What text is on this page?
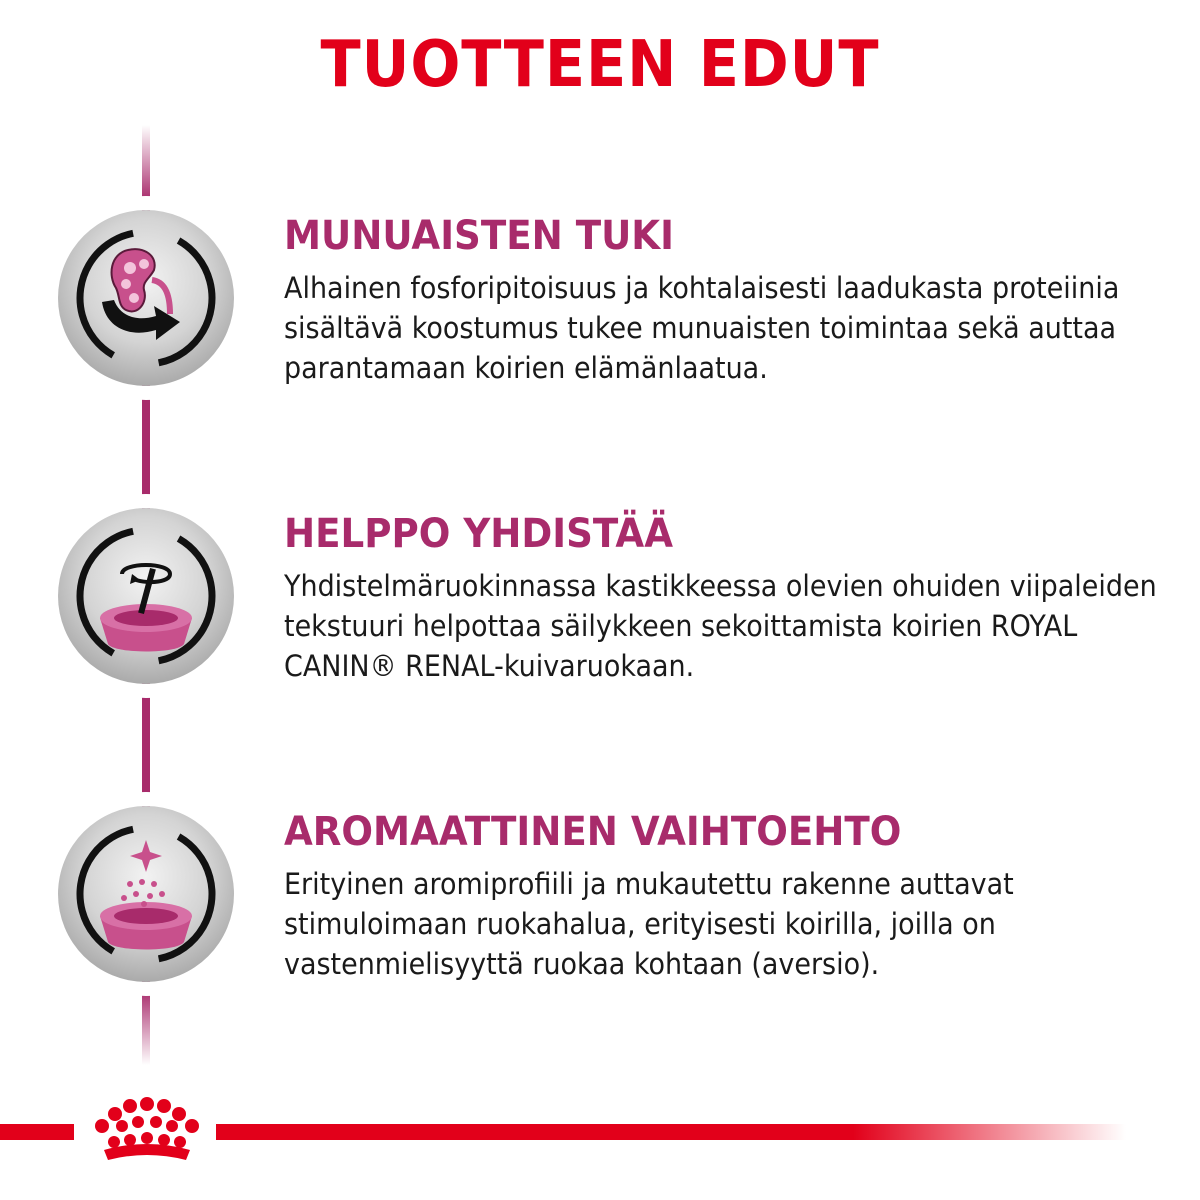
TUOTTEEN EDUT
MUNUAISTEN TUKI

Alhainen fosforipitoisuus ja kohtalaisesti laadukasta proteiinia sisältävä koostumus tukee munuaisten toimintaa sekä auttaa parantamaan koirien elämänlaatua.

HELPPO YHDISTÄÄ

Yhdistelmäruokinnassa kastikkeessa olevien ohuiden viipaleiden tekstuuri helpottaa säilykkeen sekoittamista koirien ROYAL CANIN® RENAL-kuivaruokaan.

AROMAATTINEN VAIHTOEHTO

Erityinen aromiprofiili ja mukautettu rakenne auttavat stimuloimaan ruokahalua, erityisesti koirilla, joilla on vastenmielisyyttä ruokaa kohtaan (aversio).
